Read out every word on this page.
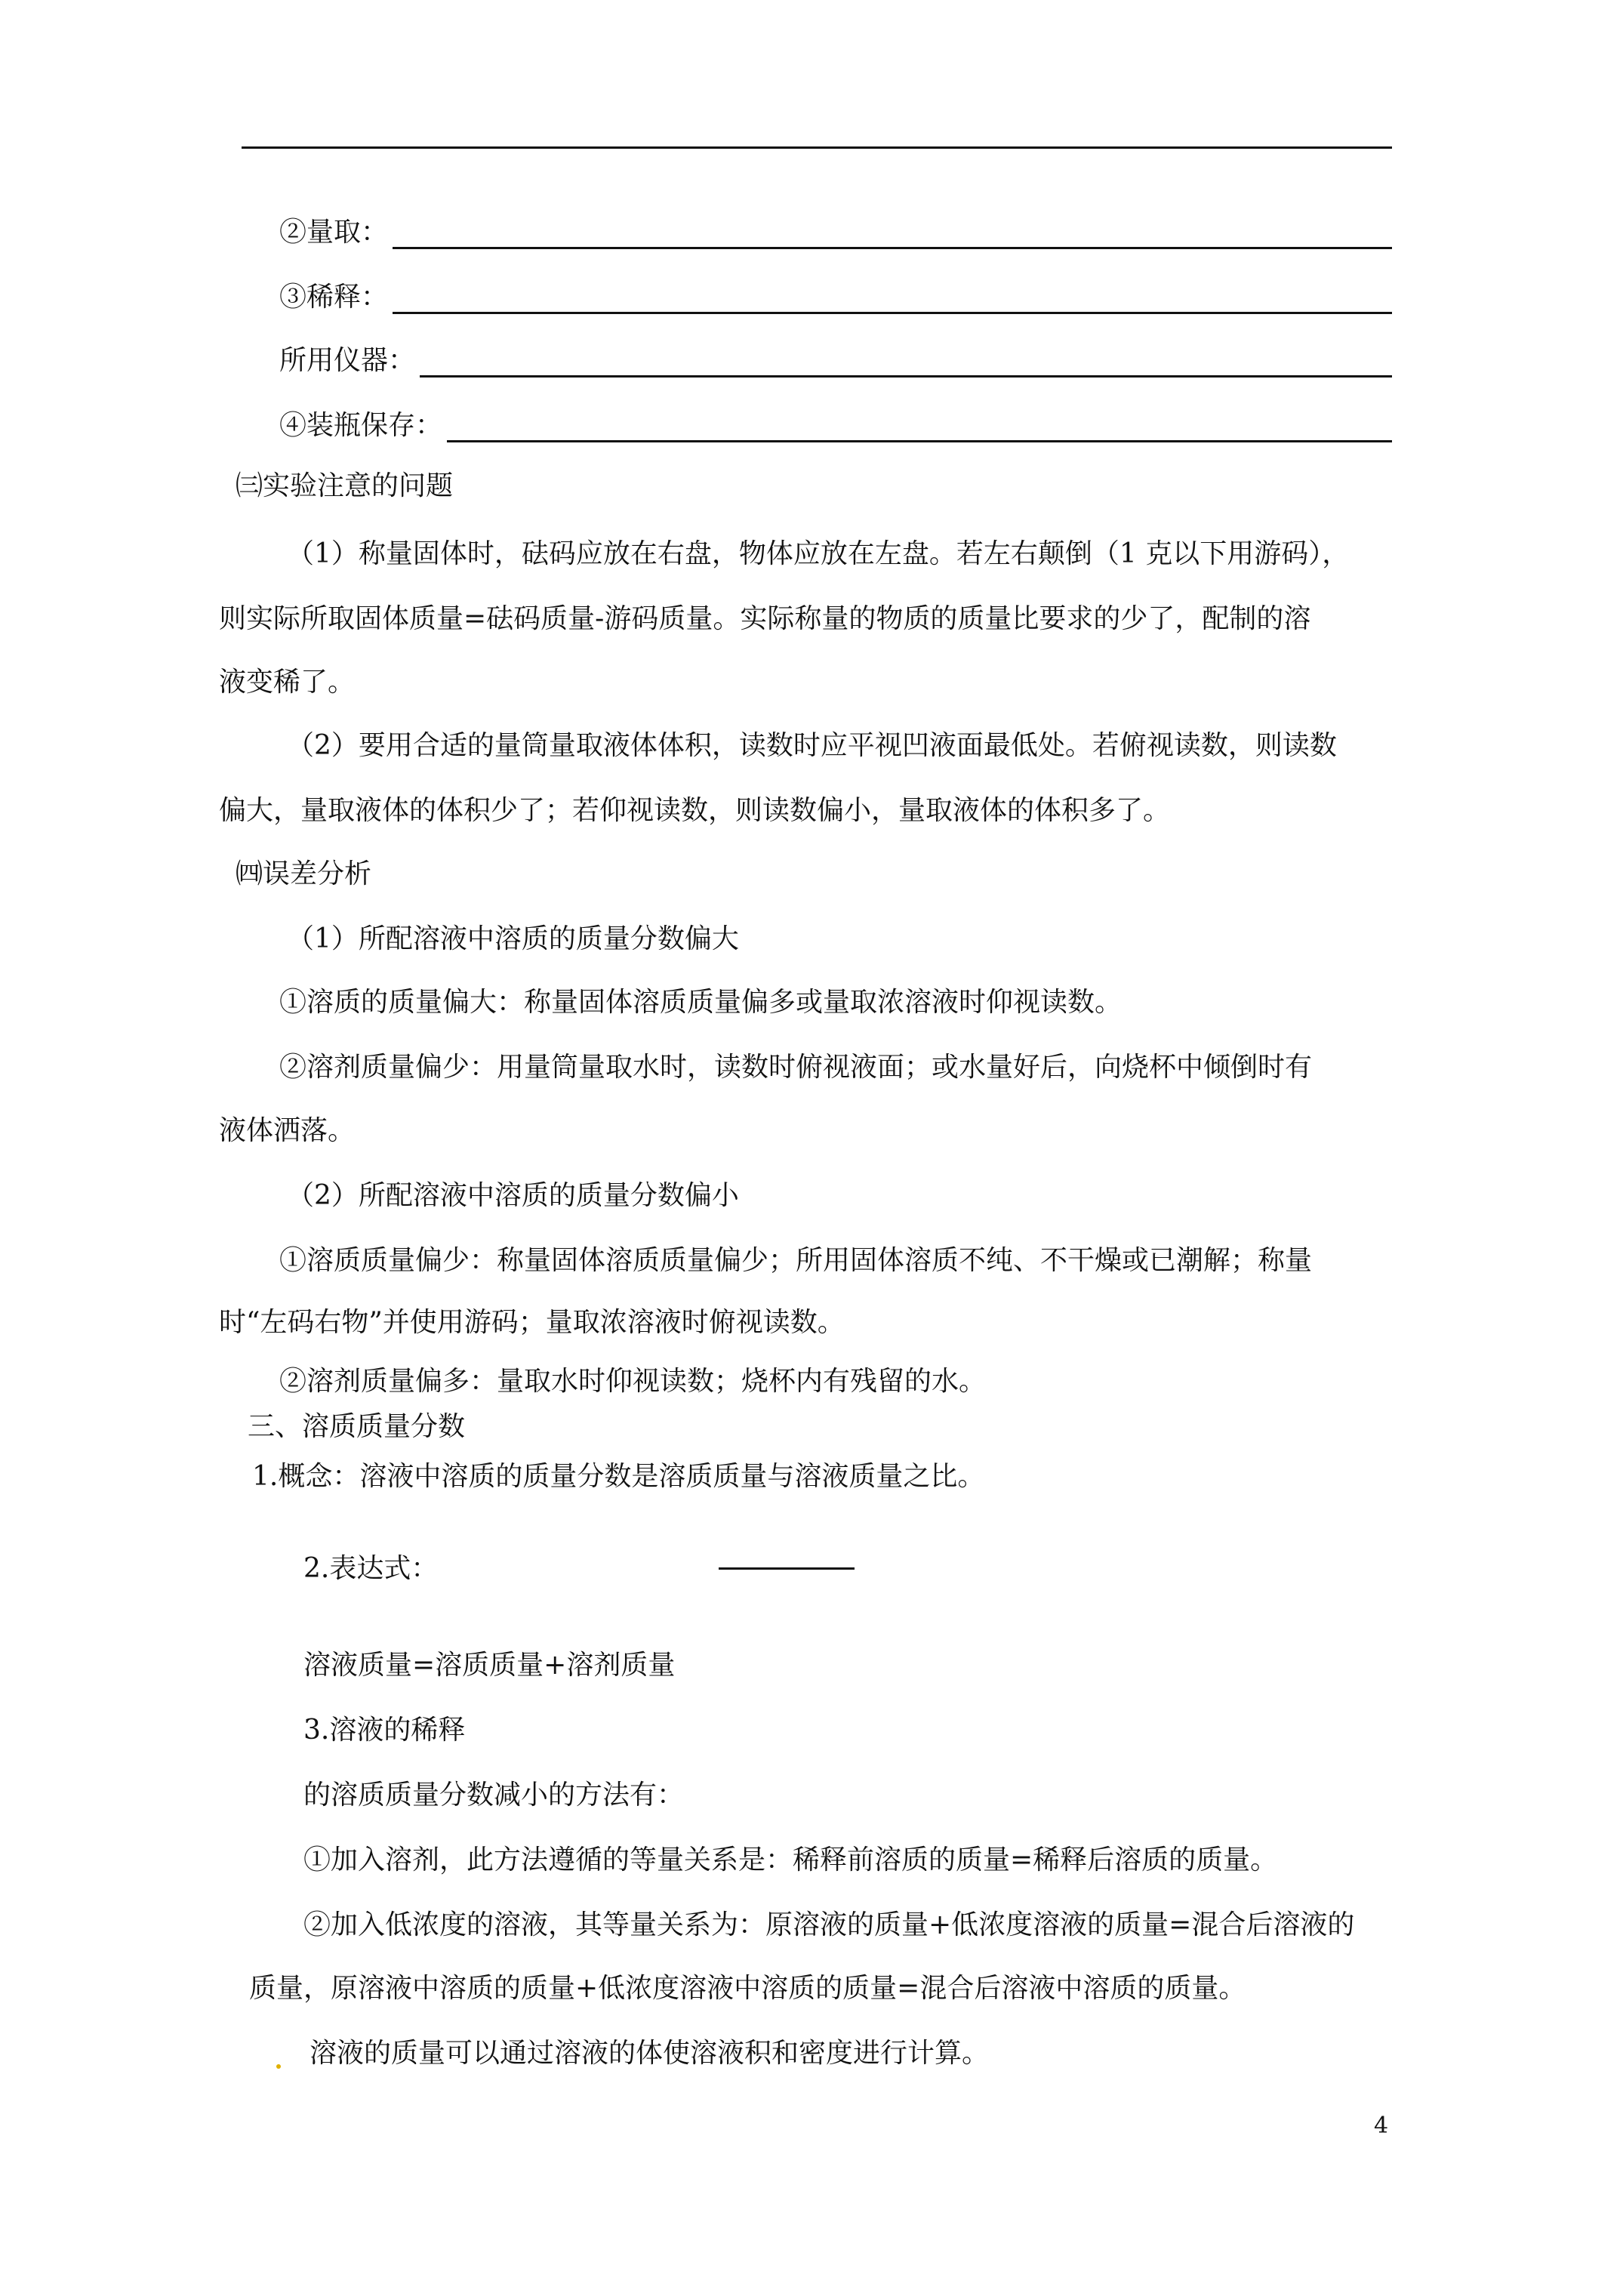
②量取：
③稀释：
所用仪器：
④装瓶保存：
㈢实验注意的问题
（1）称量固体时，砝码应放在右盘，物体应放在左盘。若左右颠倒（1 克以下用游码），
则实际所取固体质量=砝码质量-游码质量。实际称量的物质的质量比要求的少了，配制的溶
液变稀了。
（2）要用合适的量筒量取液体体积，读数时应平视凹液面最低处。若俯视读数，则读数
偏大，量取液体的体积少了；若仰视读数，则读数偏小，量取液体的体积多了。
㈣误差分析
（1）所配溶液中溶质的质量分数偏大
①溶质的质量偏大：称量固体溶质质量偏多或量取浓溶液时仰视读数。
②溶剂质量偏少：用量筒量取水时，读数时俯视液面；或水量好后，向烧杯中倾倒时有
液体洒落。
（2）所配溶液中溶质的质量分数偏小
①溶质质量偏少：称量固体溶质质量偏少；所用固体溶质不纯、不干燥或已潮解；称量
时“左码右物”并使用游码；量取浓溶液时俯视读数。
②溶剂质量偏多：量取水时仰视读数；烧杯内有残留的水。
三、溶质质量分数
1.概念：溶液中溶质的质量分数是溶质质量与溶液质量之比。
2.表达式：
溶液质量=溶质质量+溶剂质量
3.溶液的稀释
的溶质质量分数减小的方法有：
①加入溶剂，此方法遵循的等量关系是：稀释前溶质的质量=稀释后溶质的质量。
②加入低浓度的溶液，其等量关系为：原溶液的质量+低浓度溶液的质量=混合后溶液的
质量，原溶液中溶质的质量+低浓度溶液中溶质的质量=混合后溶液中溶质的质量。
溶液的质量可以通过溶液的体使溶液积和密度进行计算。
4
